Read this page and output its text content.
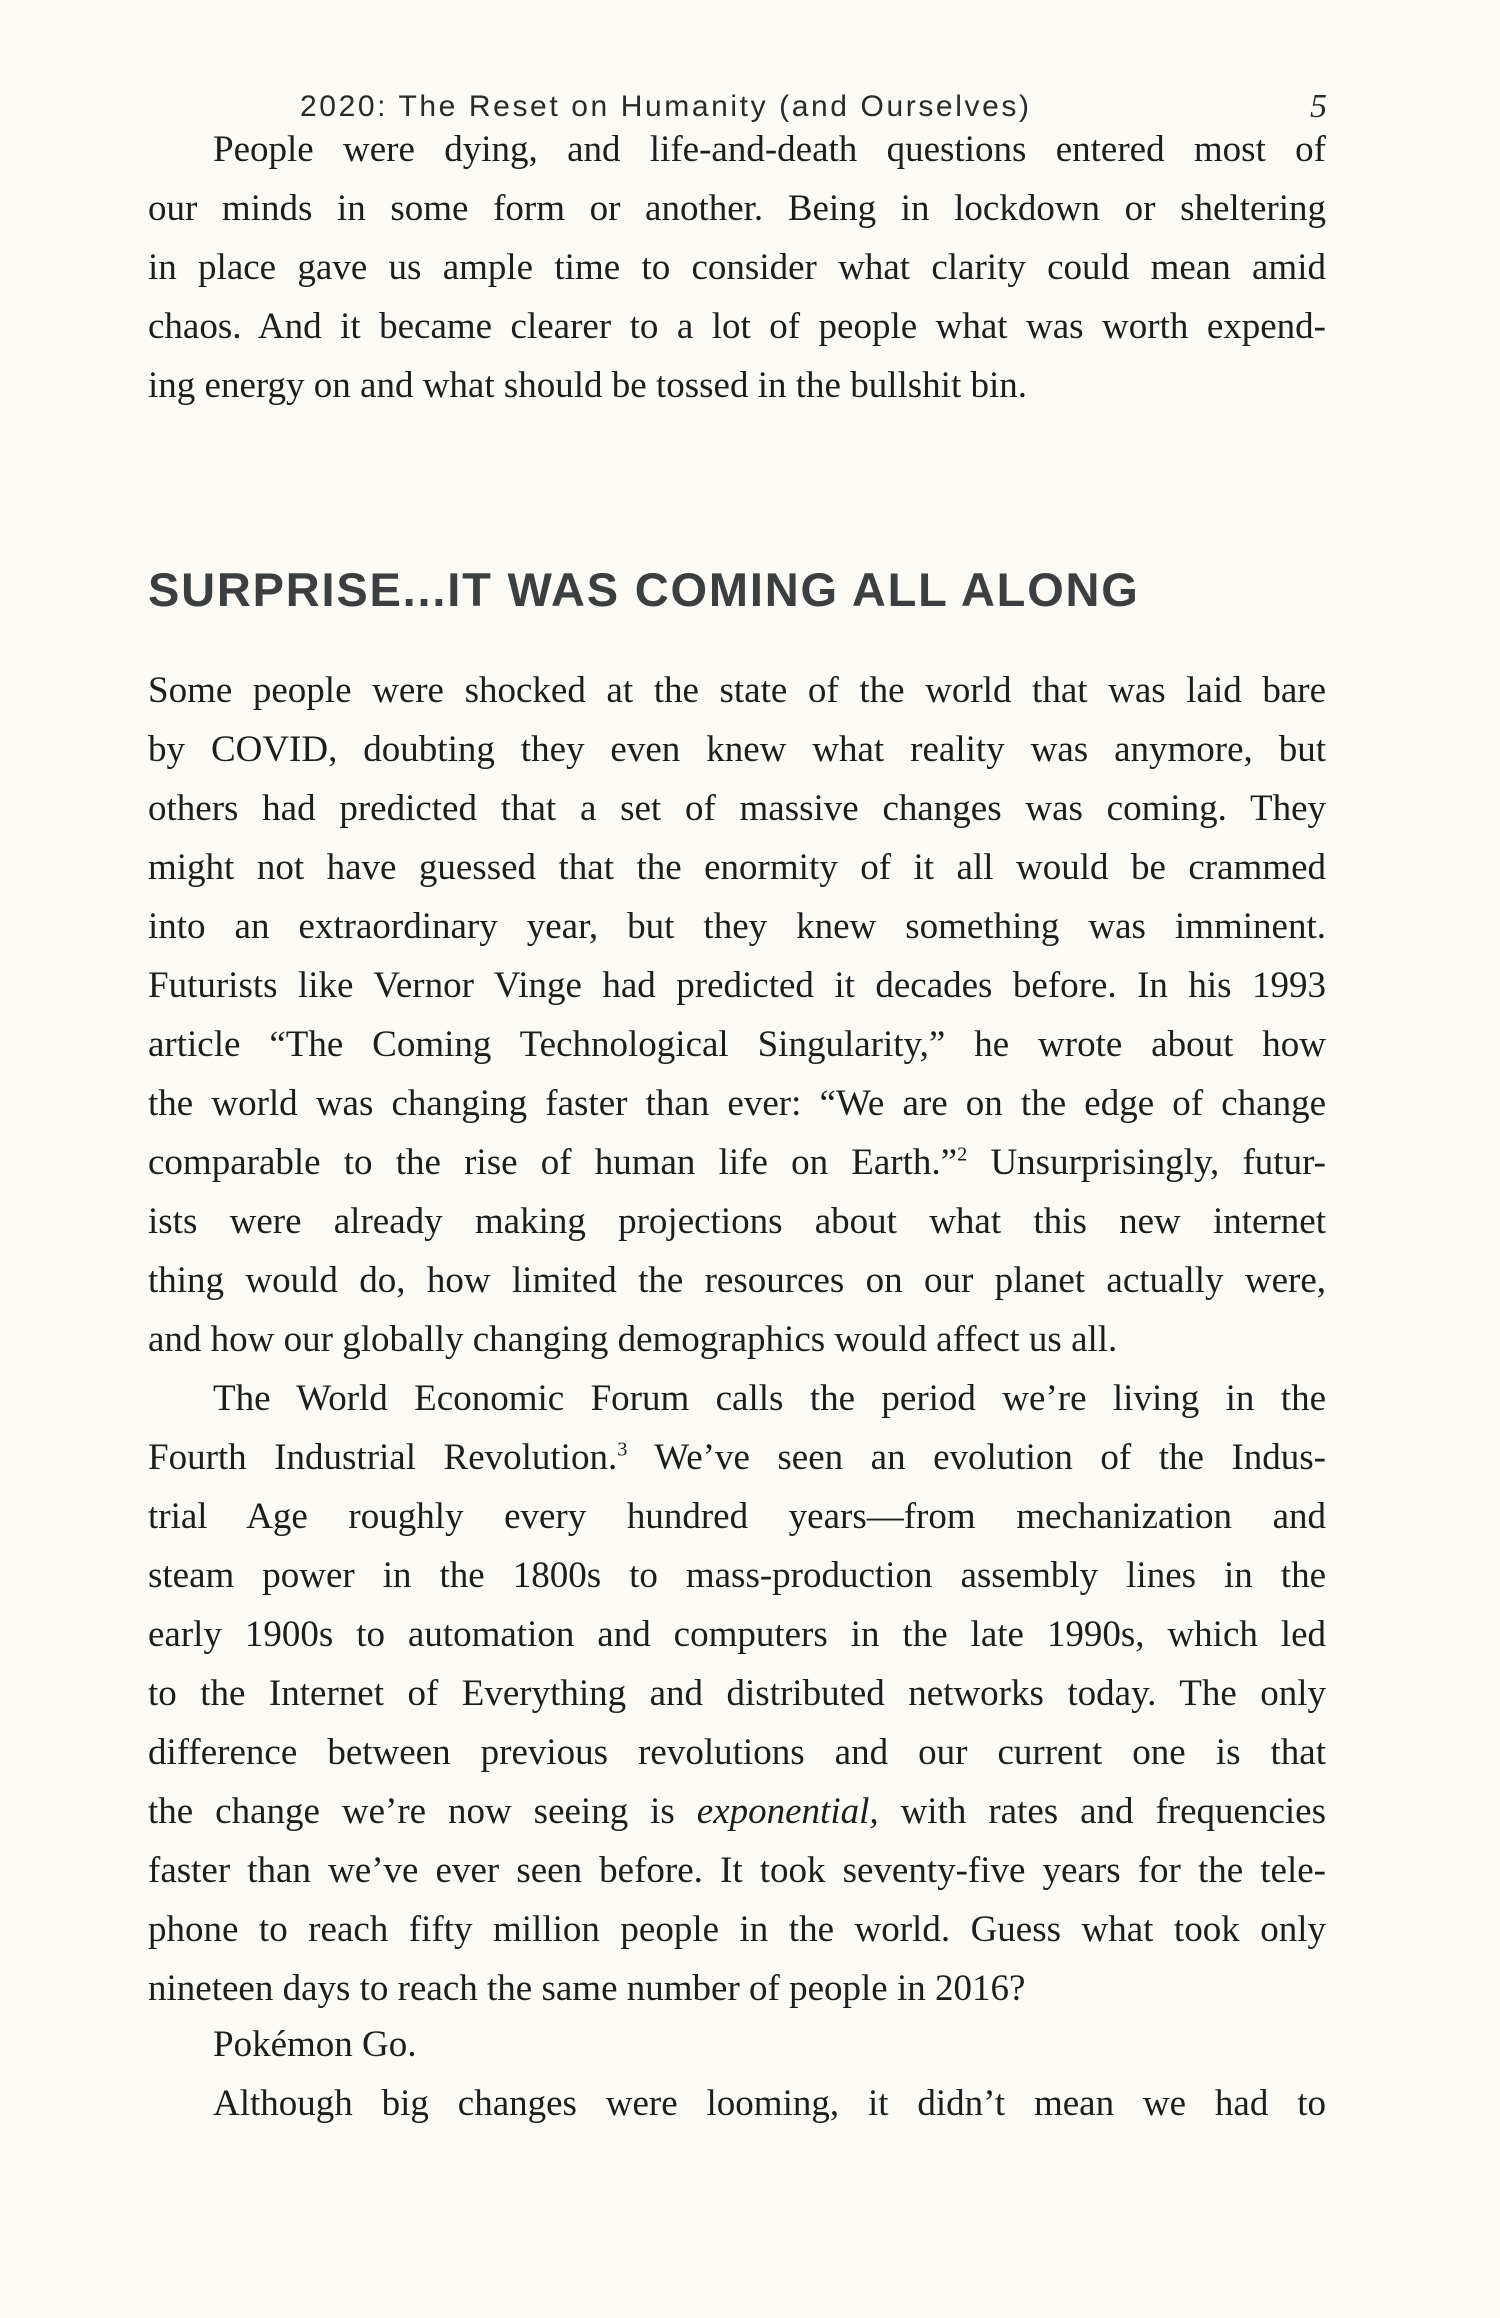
2020: The Reset on Humanity (and Ourselves)	5
People were dying, and life-and-death questions entered most of
our minds in some form or another. Being in lockdown or sheltering
in place gave us ample time to consider what clarity could mean amid
chaos. And it became clearer to a lot of people what was worth expend-
ing energy on and what should be tossed in the bullshit bin.
SURPRISE...IT WAS COMING ALL ALONG
Some people were shocked at the state of the world that was laid bare
by COVID, doubting they even knew what reality was anymore, but
others had predicted that a set of massive changes was coming. They
might not have guessed that the enormity of it all would be crammed
into an extraordinary year, but they knew something was imminent.
Futurists like Vernor Vinge had predicted it decades before. In his 1993
article “The Coming Technological Singularity,” he wrote about how
the world was changing faster than ever: “We are on the edge of change
comparable to the rise of human life on Earth.”$^2$ Unsurprisingly, futur-
ists were already making projections about what this new internet
thing would do, how limited the resources on our planet actually were,
and how our globally changing demographics would affect us all.
The World Economic Forum calls the period we’re living in the
Fourth Industrial Revolution.$^3$ We’ve seen an evolution of the Indus-
trial Age roughly every hundred years—from mechanization and
steam power in the 1800s to mass-production assembly lines in the
early 1900s to automation and computers in the late 1990s, which led
to the Internet of Everything and distributed networks today. The only
difference between previous revolutions and our current one is that
the change we’re now seeing is exponential, with rates and frequencies
faster than we’ve ever seen before. It took seventy-five years for the tele-
phone to reach fifty million people in the world. Guess what took only
nineteen days to reach the same number of people in 2016?
Pokémon Go.
Although big changes were looming, it didn’t mean we had to
